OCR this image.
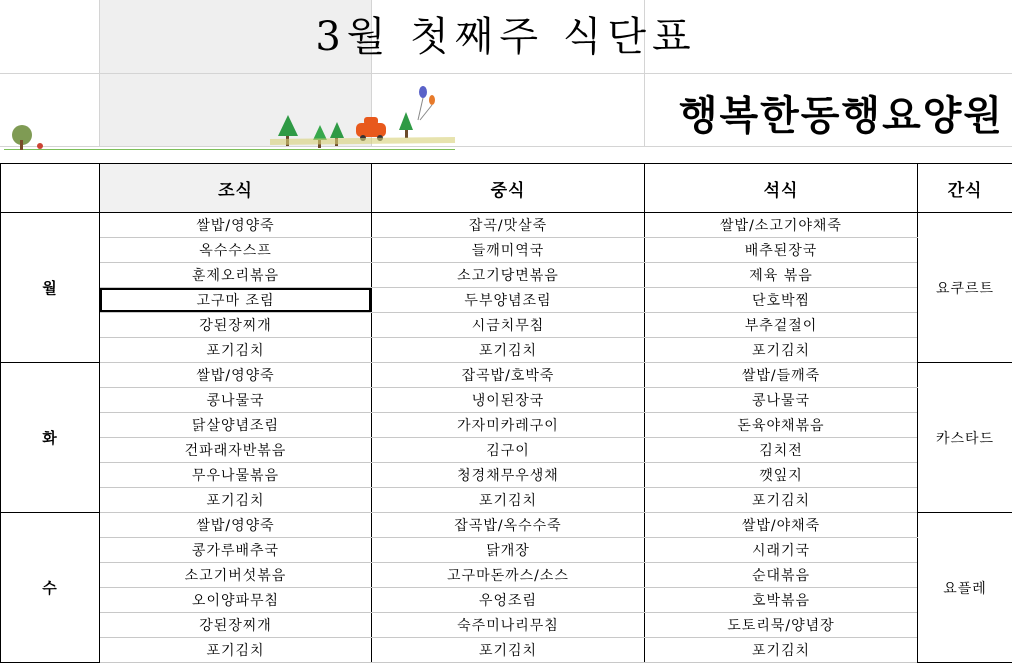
3월 첫째주 식단표
행복한동행요양원
	조식	중식	석식	간식
월	쌀밥/영양죽	잡곡/맛살죽	쌀밥/소고기야채죽	요쿠르트
	옥수수스프	들깨미역국	배추된장국	
	훈제오리볶음	소고기당면볶음	제육 볶음	
	고구마 조림	두부양념조림	단호박찜	
	강된장찌개	시금치무침	부추겉절이	
	포기김치	포기김치	포기김치	
화	쌀밥/영양죽	잡곡밥/호박죽	쌀밥/들깨죽	카스타드
	콩나물국	냉이된장국	콩나물국	
	닭살양념조림	가자미카레구이	돈육야채볶음	
	건파래자반볶음	김구이	김치전	
	무우나물볶음	청경채무우생채	깻잎지	
	포기김치	포기김치	포기김치	
수	쌀밥/영양죽	잡곡밥/옥수수죽	쌀밥/야채죽	요플레
	콩가루배추국	닭개장	시래기국	
	소고기버섯볶음	고구마돈까스/소스	순대볶음	
	오이양파무침	우엉조림	호박볶음	
	강된장찌개	숙주미나리무침	도토리묵/양념장	
	포기김치	포기김치	포기김치	
